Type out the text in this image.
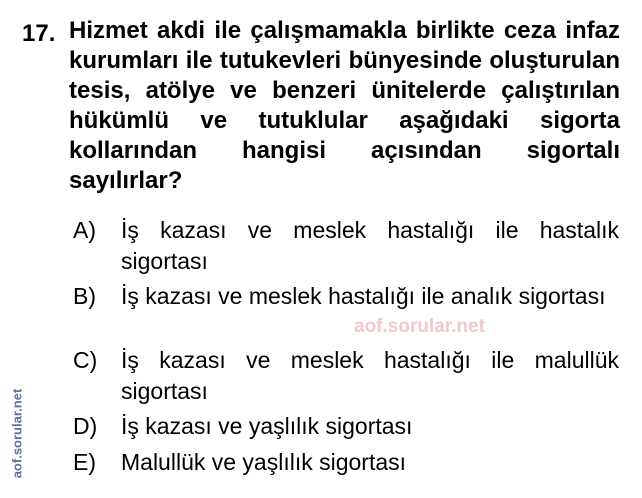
17. Hizmet akdi ile çalışmamakla birlikte ceza infaz kurumları ile tutukevleri bünyesinde oluşturulan tesis, atölye ve benzeri ünitelerde çalıştırılan hükümlü ve tutuklular aşağıdaki sigorta kollarından hangisi açısından sigortalı sayılırlar?
A) İş kazası ve meslek hastalığı ile hastalık sigortası
B) İş kazası ve meslek hastalığı ile analık sigortası
C) İş kazası ve meslek hastalığı ile malullük sigortası
D) İş kazası ve yaşlılık sigortası
E) Malullük ve yaşlılık sigortası
aof.sorular.net
aof.sorular.net
